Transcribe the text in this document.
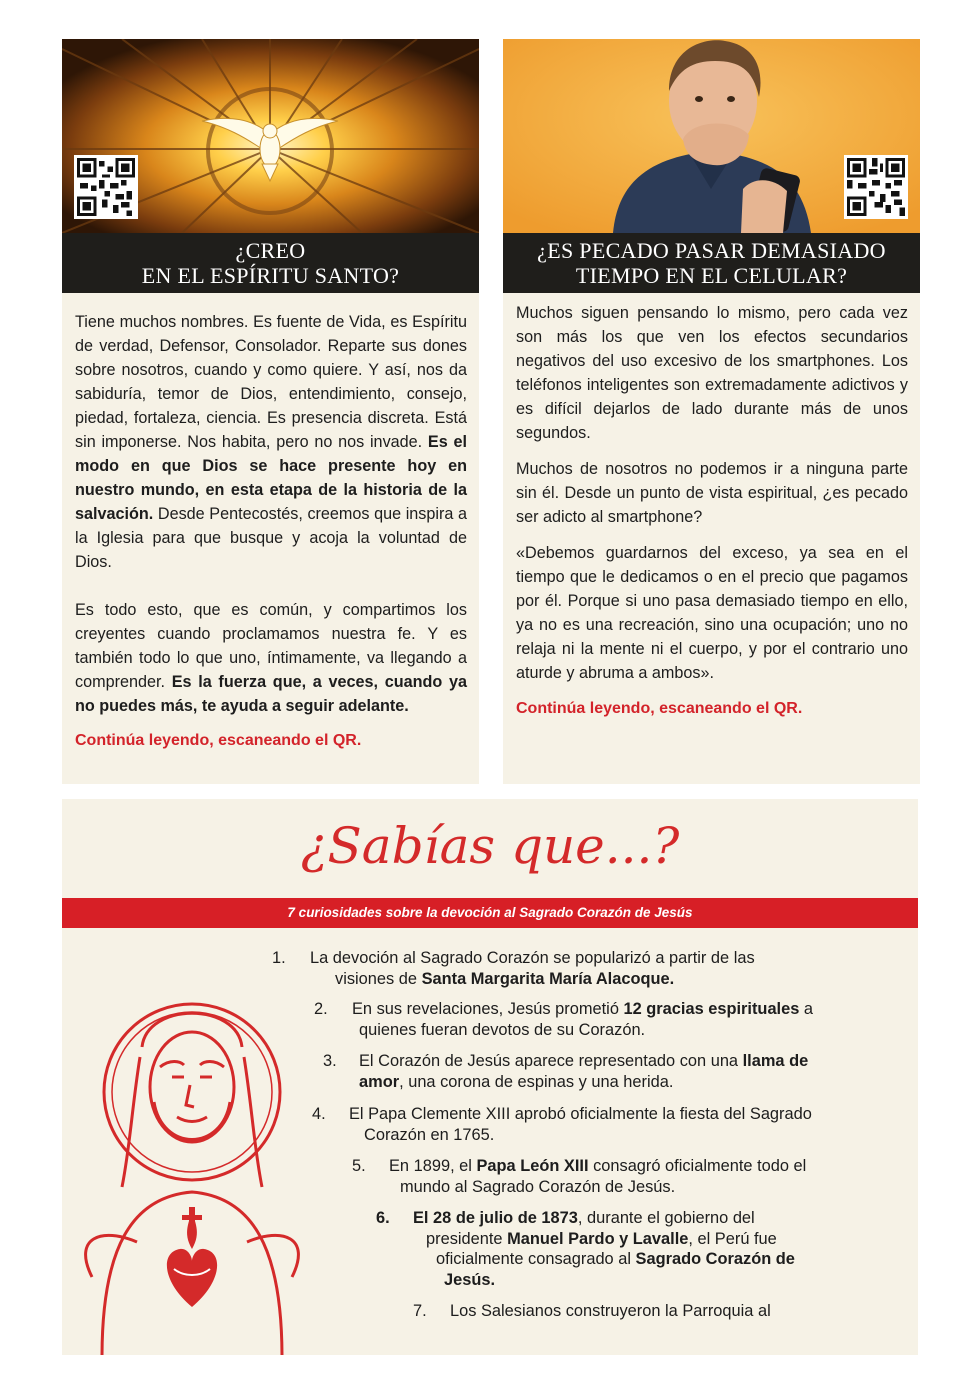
¿CREO
EN EL ESPÍRITU SANTO?

Tiene muchos nombres. Es fuente de Vida, es Espíritu de verdad, Defensor, Consolador. Reparte sus dones sobre nosotros, cuando y como quiere. Y así, nos da sabiduría, temor de Dios, entendimiento, consejo, piedad, fortaleza, ciencia. Es presencia discreta. Está sin imponerse. Nos habita, pero no nos invade. Es el modo en que Dios se hace presente hoy en nuestro mundo, en esta etapa de la historia de la salvación. Desde Pentecostés, creemos que inspira a la Iglesia para que busque y acoja la voluntad de Dios.

Es todo esto, que es común, y compartimos los creyentes cuando proclamamos nuestra fe. Y es también todo lo que uno, íntimamente, va llegando a comprender. Es la fuerza que, a veces, cuando ya no puedes más, te ayuda a seguir adelante.

Continúa leyendo, escaneando el QR.
¿ES PECADO PASAR DEMASIADO
TIEMPO EN EL CELULAR?

Muchos siguen pensando lo mismo, pero cada vez son más los que ven los efectos secundarios negativos del uso excesivo de los smartphones. Los teléfonos inteligentes son extremadamente adictivos y es difícil dejarlos de lado durante más de unos segundos.

Muchos de nosotros no podemos ir a ninguna parte sin él. Desde un punto de vista espiritual, ¿es pecado ser adicto al smartphone?

«Debemos guardarnos del exceso, ya sea en el tiempo que le dedicamos o en el precio que pagamos por él. Porque si uno pasa demasiado tiempo en ello, ya no es una recreación, sino una ocupación; uno no relaja ni la mente ni el cuerpo, y por el contrario uno aturde y abruma a ambos».

Continúa leyendo, escaneando el QR.
¿Sabías que...?
7 curiosidades sobre la devoción al Sagrado Corazón de Jesús
1. La devoción al Sagrado Corazón se popularizó a partir de las
visiones de Santa Margarita María Alacoque.
2. En sus revelaciones, Jesús prometió 12 gracias espirituales a
quienes fueran devotos de su Corazón.
3. El Corazón de Jesús aparece representado con una llama de
amor, una corona de espinas y una herida.
4. El Papa Clemente XIII aprobó oficialmente la fiesta del Sagrado
Corazón en 1765.
5. En 1899, el Papa León XIII consagró oficialmente todo el
mundo al Sagrado Corazón de Jesús.
6. El 28 de julio de 1873, durante el gobierno del
presidente Manuel Pardo y Lavalle, el Perú fue
oficialmente consagrado al Sagrado Corazón de
Jesús.
7. Los Salesianos construyeron la Parroquia al
